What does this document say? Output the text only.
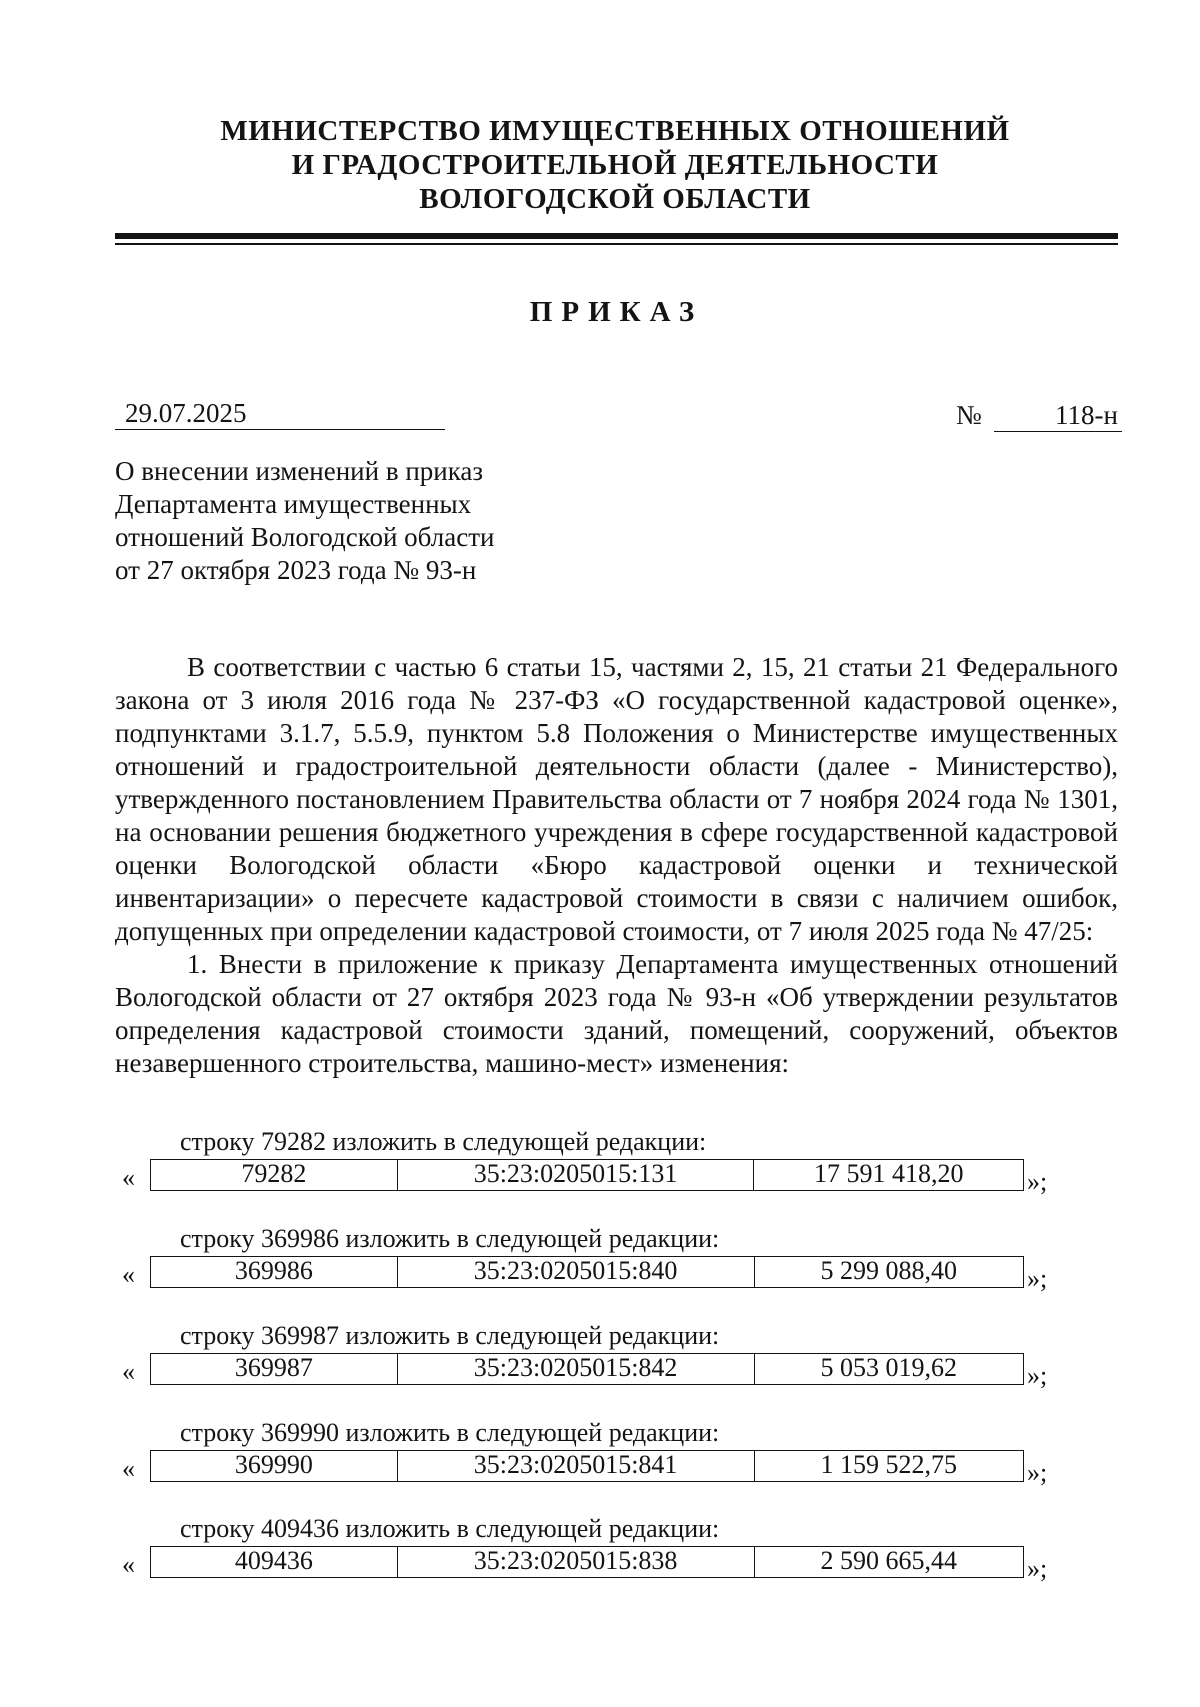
МИНИСТЕРСТВО ИМУЩЕСТВЕННЫХ ОТНОШЕНИЙ
И ГРАДОСТРОИТЕЛЬНОЙ ДЕЯТЕЛЬНОСТИ
ВОЛОГОДСКОЙ ОБЛАСТИ
ПРИКАЗ
29.07.2025	№	118-н
О внесении изменений в приказ
Департамента имущественных
отношений Вологодской области
от 27 октября 2023 года № 93-н

В соответствии с частью 6 статьи 15, частями 2, 15, 21 статьи 21 Федерального закона от 3 июля 2016 года № 237-ФЗ «О государственной кадастровой оценке», подпунктами 3.1.7, 5.5.9, пунктом 5.8 Положения о Министерстве имущественных отношений и градостроительной деятельности области (далее - Министерство), утвержденного постановлением Правительства области от 7 ноября 2024 года № 1301, на основании решения бюджетного учреждения в сфере государственной кадастровой оценки Вологодской области «Бюро кадастровой оценки и технической инвентаризации» о пересчете кадастровой стоимости в связи с наличием ошибок, допущенных при определении кадастровой стоимости, от 7 июля 2025 года № 47/25:

1. Внести в приложение к приказу Департамента имущественных отношений Вологодской области от 27 октября 2023 года № 93-н «Об утверждении результатов определения кадастровой стоимости зданий, помещений, сооружений, объектов незавершенного строительства, машино-мест» изменения:

строку 79282 изложить в следующей редакции:
«	79282	35:23:0205015:131	17 591 418,20 »;
строку 369986 изложить в следующей редакции:
«	369986	35:23:0205015:840	5 299 088,40	»;
строку 369987 изложить в следующей редакции:
«	369987	35:23:0205015:842	5 053 019,62	»;
строку 369990 изложить в следующей редакции:
«	369990	35:23:0205015:841	1 159 522,75	»;
строку 409436 изложить в следующей редакции:
«	409436	35:23:0205015:838	2 590 665,44	»;
